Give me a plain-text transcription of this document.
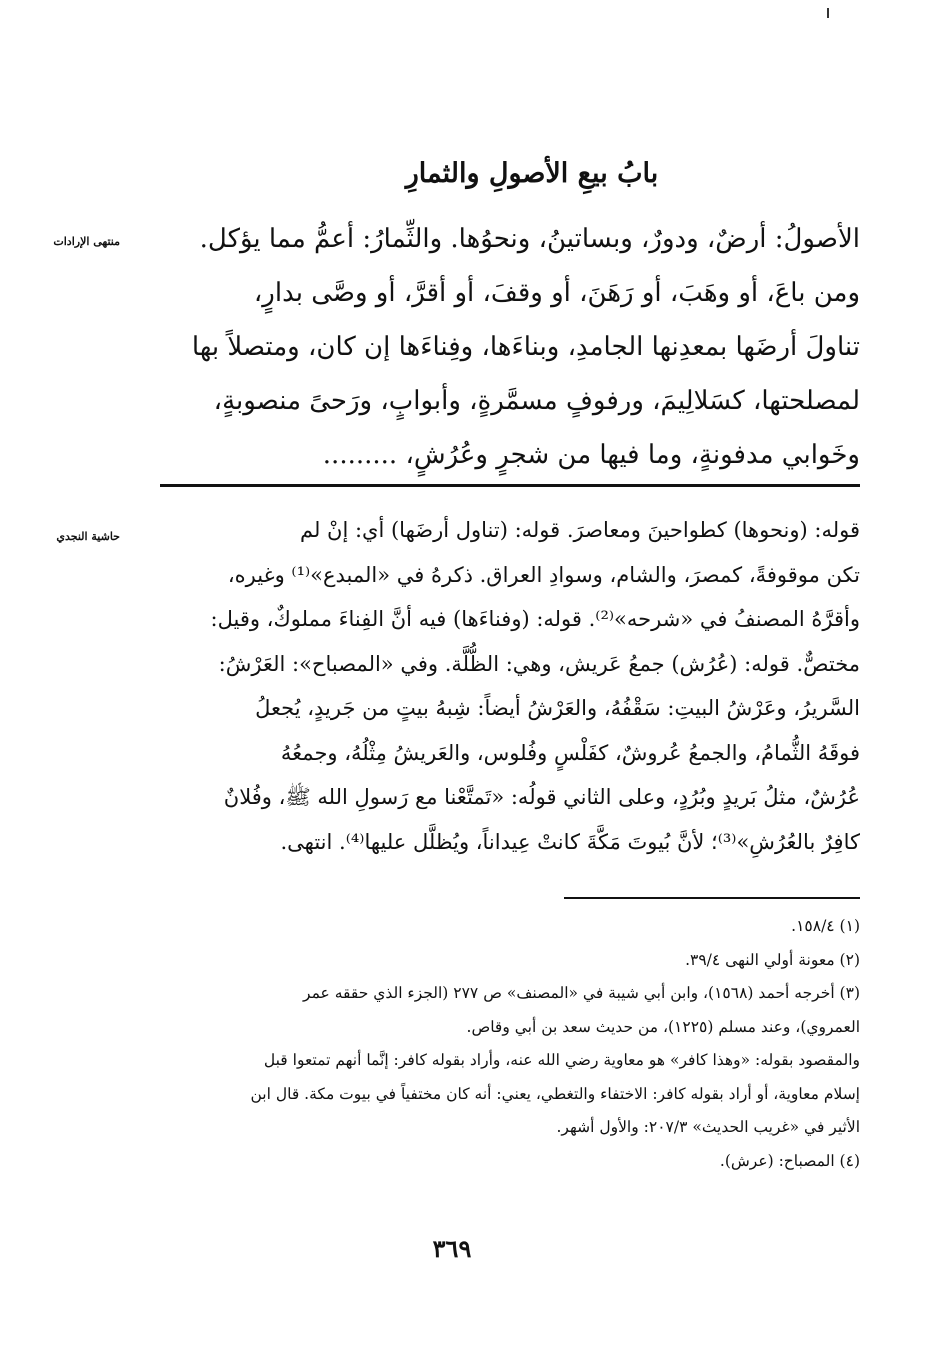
بابُ بيعِ الأصولِ والثمارِ
منتهى الإرادات
حاشية النجدي

الأصولُ: أرضٌ، ودورٌ، وبساتينُ، ونحوُها. والثِّمارُ: أعمُّ مما يؤكل.

ومن باعَ، أو وهَبَ، أو رَهَنَ، أو وقفَ، أو أقرَّ، أو وصَّى بدارٍ،

تناولَ أرضَها بمعدِنها الجامدِ، وبناءَها، وفِناءَها إن كان، ومتصلاً بها

لمصلحتها، كسَلالِيمَ، ورفوفٍ مسمَّرةٍ، وأبوابٍ، ورَحىً منصوبةٍ،

وخَوابي مدفونةٍ، وما فيها من شجرٍ وعُرُشٍ، .........

قوله: (ونحوها) كطواحينَ ومعاصرَ. قوله: (تناول أرضَها) أي: إنْ لم

تكن موقوفةً، كمصرَ، والشام، وسوادِ العراق. ذكرهُ في «المبدع»⁽¹⁾ وغيره،

وأقرَّهُ المصنفُ في «شرحه»⁽²⁾. قوله: (وفناءَها) فيه أنَّ الفِناءَ مملوكٌ، وقيل:

مختصٌّ. قوله: (عُرُش) جمعُ عَريش، وهي: الظُّلَّة. وفي «المصباح»: العَرْشُ:

السَّريرُ، وعَرْشُ البيتِ: سَقْفُهُ، والعَرْشُ أيضاً: شِبهُ بيتٍ من جَريدٍ، يُجعلُ

فوقَهُ الثُّمامُ، والجمعُ عُروشٌ، كفَلْسٍ وفُلوس، والعَريشُ مِثْلُهُ، وجمعُهُ

عُرُشٌ، مثلُ بَريدٍ وبُرُدٍ، وعلى الثاني قولُه: «تَمتَّعْنا مع رَسولِ الله ﷺ، وفُلانٌ

كافِرٌ بالعُرُشِ»⁽³⁾؛ لأنَّ بُيوتَ مَكَّةَ كانتْ عِيداناً، ويُظلَّل عليها⁽⁴⁾. انتهى.

(١) ١٥٨/٤.

(٢) معونة أولي النهى ٣٩/٤.

(٣) أخرجه أحمد (١٥٦٨)، وابن أبي شيبة في «المصنف» ص ٢٧٧ (الجزء الذي حققه عمر

العمروي)، وعند مسلم (١٢٢٥)، من حديث سعد بن أبي وقاص.

والمقصود بقوله: «وهذا كافر» هو معاوية رضي الله عنه، وأراد بقوله كافر: إنَّما أنهم تمتعوا قبل

إسلام معاوية، أو أراد بقوله كافر: الاختفاء والتغطي، يعني: أنه كان مختفياً في بيوت مكة. قال ابن

الأثير في «غريب الحديث» ٢٠٧/٣: والأول أشهر.

(٤) المصباح: (عرش).

٣٦٩
